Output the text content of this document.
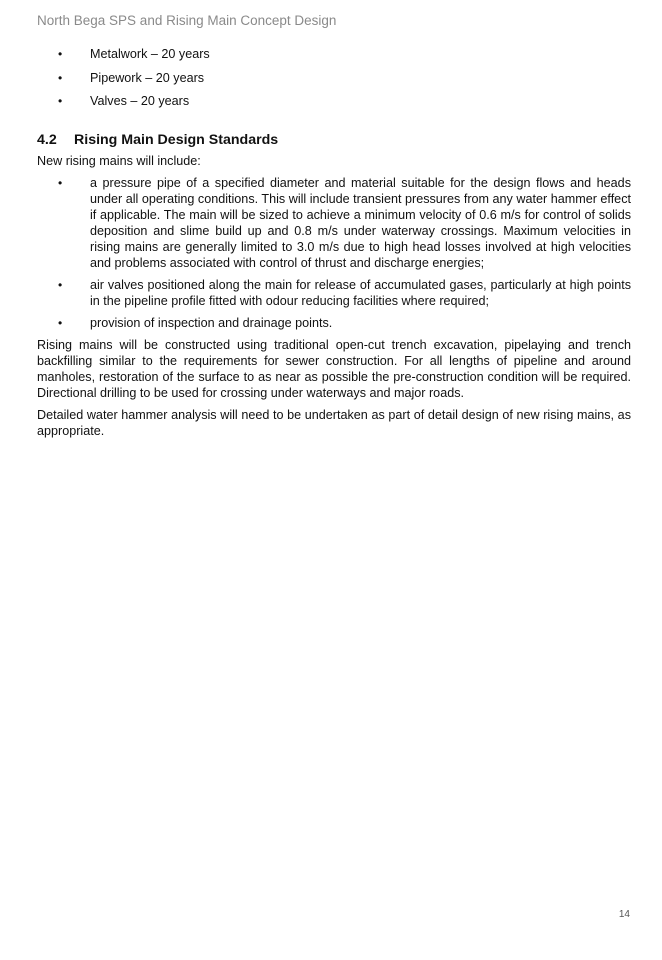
North Bega SPS and Rising Main Concept Design
• Metalwork – 20 years
• Pipework – 20 years
• Valves – 20 years
4.2 Rising Main Design Standards

New rising mains will include:

• a pressure pipe of a specified diameter and material suitable for the design flows and heads under all operating conditions. This will include transient pressures from any water hammer effect if applicable. The main will be sized to achieve a minimum velocity of 0.6 m/s for control of solids deposition and slime build up and 0.8 m/s under waterway crossings. Maximum velocities in rising mains are generally limited to 3.0 m/s due to high head losses involved at high velocities and problems associated with control of thrust and discharge energies;
• air valves positioned along the main for release of accumulated gases, particularly at high points in the pipeline profile fitted with odour reducing facilities where required;
• provision of inspection and drainage points.

Rising mains will be constructed using traditional open-cut trench excavation, pipelaying and trench backfilling similar to the requirements for sewer construction. For all lengths of pipeline and around manholes, restoration of the surface to as near as possible the pre-construction condition will be required. Directional drilling to be used for crossing under waterways and major roads.

Detailed water hammer analysis will need to be undertaken as part of detail design of new rising mains, as appropriate.

14
